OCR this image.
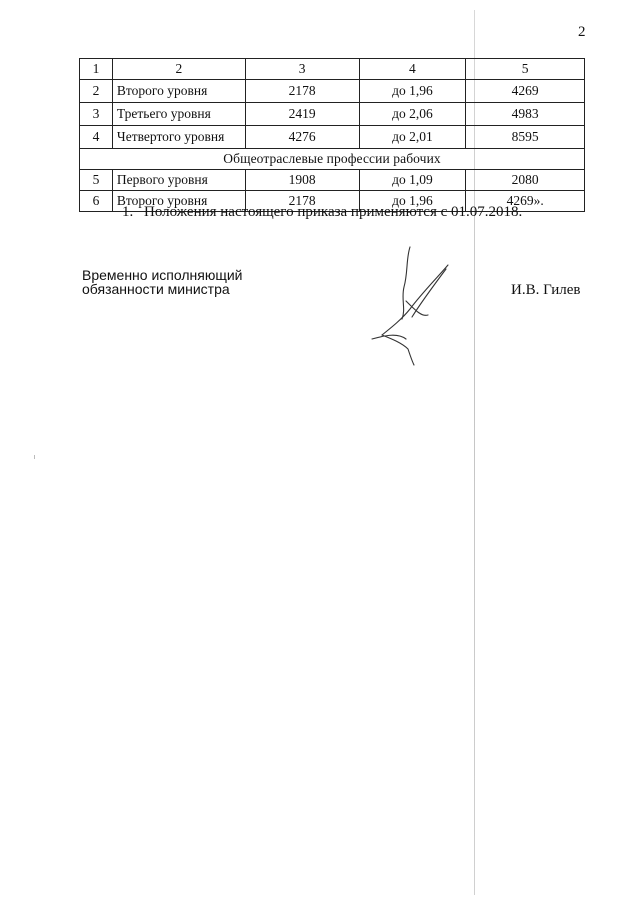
2
1	2	3	4	5
2	Второго уровня	2178	до 1,96	4269
3	Третьего уровня	2419	до 2,06	4983
4	Четвертого уровня	4276	до 2,01	8595
Общеотраслевые профессии рабочих				
5	Первого уровня	1908	до 1,09	2080
6	Второго уровня	2178	до 1,96	4269».
1. Положения настоящего приказа применяются с 01.07.2018.
Временно исполняющий
обязанности министра	И.В. Гилев
